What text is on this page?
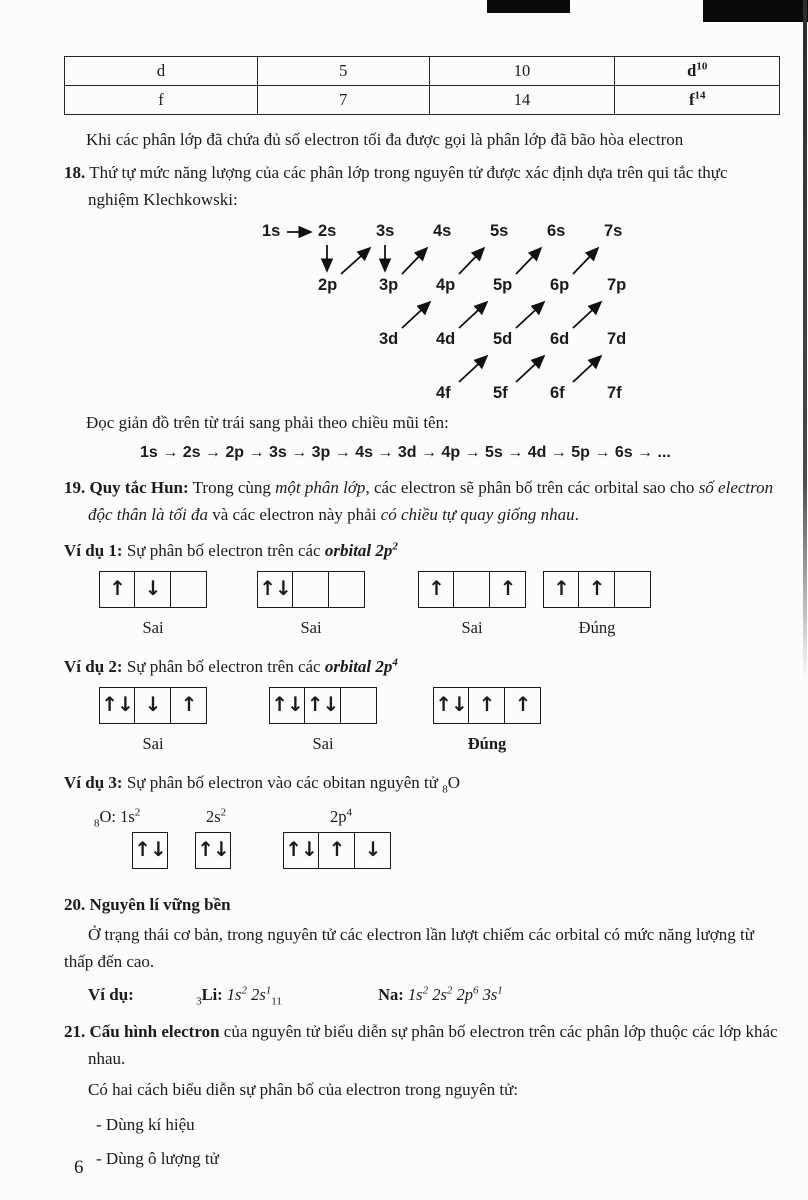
d	5	10	$d^{10}$
f	7	14	$f^{14}$

Khi các phân lớp đã chứa đủ số electron tối đa được gọi là phân lớp đã bão hòa electron

18. Thứ tự mức năng lượng của các phân lớp trong nguyên tử được xác định dựa trên qui tắc thực nghiệm Klechkowski:

1s 2s 3s 4s 5s 6s 7s
2p	3p 4p 5p 6p 7p
3d 4d 5d 6d 7d
4f	5f	6f	7f

Đọc giản đồ trên từ trái sang phải theo chiều mũi tên:

1s → 2s → 2p → 3s → 3p → 4s → 3d → 4p → 5s → 4d → 5p → 6s → ...

19. Quy tắc Hun: Trong cùng một phân lớp, các electron sẽ phân bố trên các orbital sao cho số electron độc thân là tối đa và các electron này phải có chiều tự quay giống nhau.

Ví dụ 1: Sự phân bố electron trên các orbital $2p^2$

↑ ↓
Sai
↑↓
Sai
↑	↑
Sai
↑ ↑
Đúng

Ví dụ 2: Sự phân bố electron trên các orbital $2p^4$

↑↓ ↓	↑
Sai
↑↓ ↑↓
Sai
↑↓ ↑	↑
Đúng

Ví dụ 3: Sự phân bố electron vào các obitan nguyên tử $_8$O

$_8$O: $1s^2$	$2s^2$	$2p^4$
↑↓ ↑↓	↑↓ ↑	↓

20. Nguyên lí vững bền

Ở trạng thái cơ bản, trong nguyên tử các electron lần lượt chiếm các orbital có mức năng lượng từ thấp đến cao.

Ví dụ:	$_3$Li: $1s^2$ $2s^1_{11}$	Na: $1s^2$ $2s^2$ $2p^6$ $3s^1$

21. Cấu hình electron của nguyên tử biểu diễn sự phân bố electron trên các phân lớp thuộc các lớp khác nhau.

Có hai cách biểu diễn sự phân bố của electron trong nguyên tử:

- Dùng kí hiệu

- Dùng ô lượng tử

6
